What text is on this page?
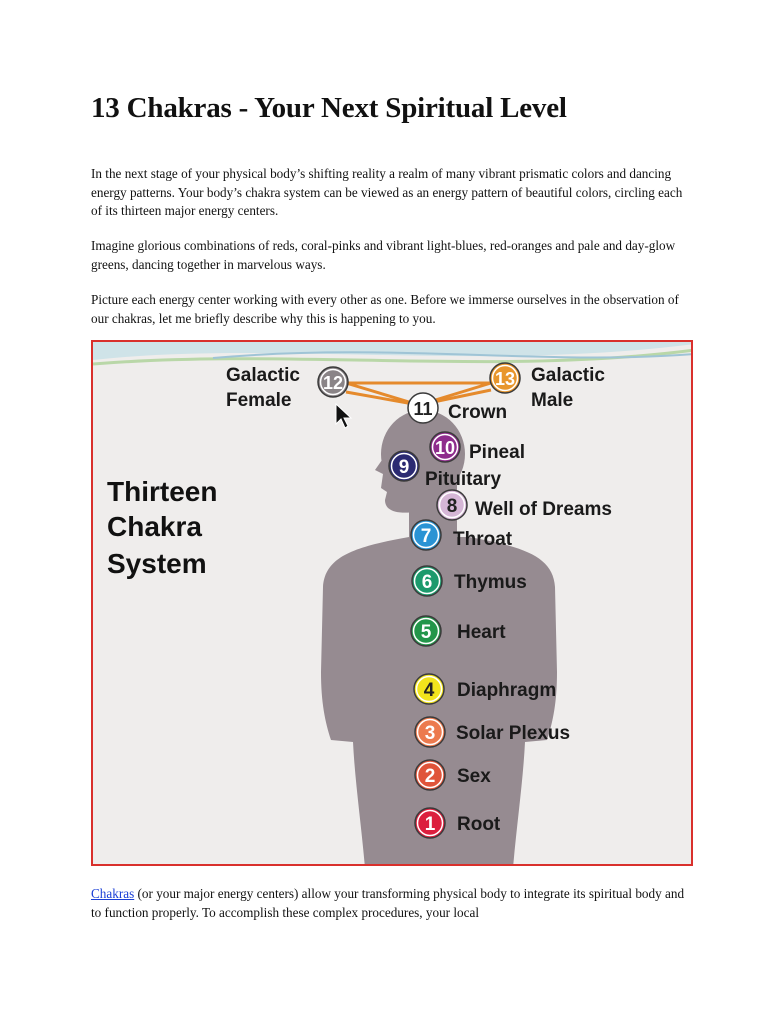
13 Chakras - Your Next Spiritual Level

In the next stage of your physical body’s shifting reality a realm of many vibrant prismatic colors and dancing energy patterns. Your body’s chakra system can be viewed as an energy pattern of beautiful colors, circling each of its thirteen major energy centers.

Imagine glorious combinations of reds, coral-pinks and vibrant light-blues, red-oranges and pale and day-glow greens, dancing together in marvelous ways.

Picture each energy center working with every other as one. Before we immerse ourselves in the observation of our chakras, let me briefly describe why this is happening to you.

12
Galactic
Female
13 Galactic
Male
11 Crown
10 Pineal
9
Pituitary
8 Well of Dreams
7 Throat
6 Thymus
5 Heart
4 Diaphragm
3 Solar Plexus
2 Sex
1 Root
Thirteen
Chakra
System

Chakras (or your major energy centers) allow your transforming physical body to integrate its spiritual body and to function properly. To accomplish these complex procedures, your local
